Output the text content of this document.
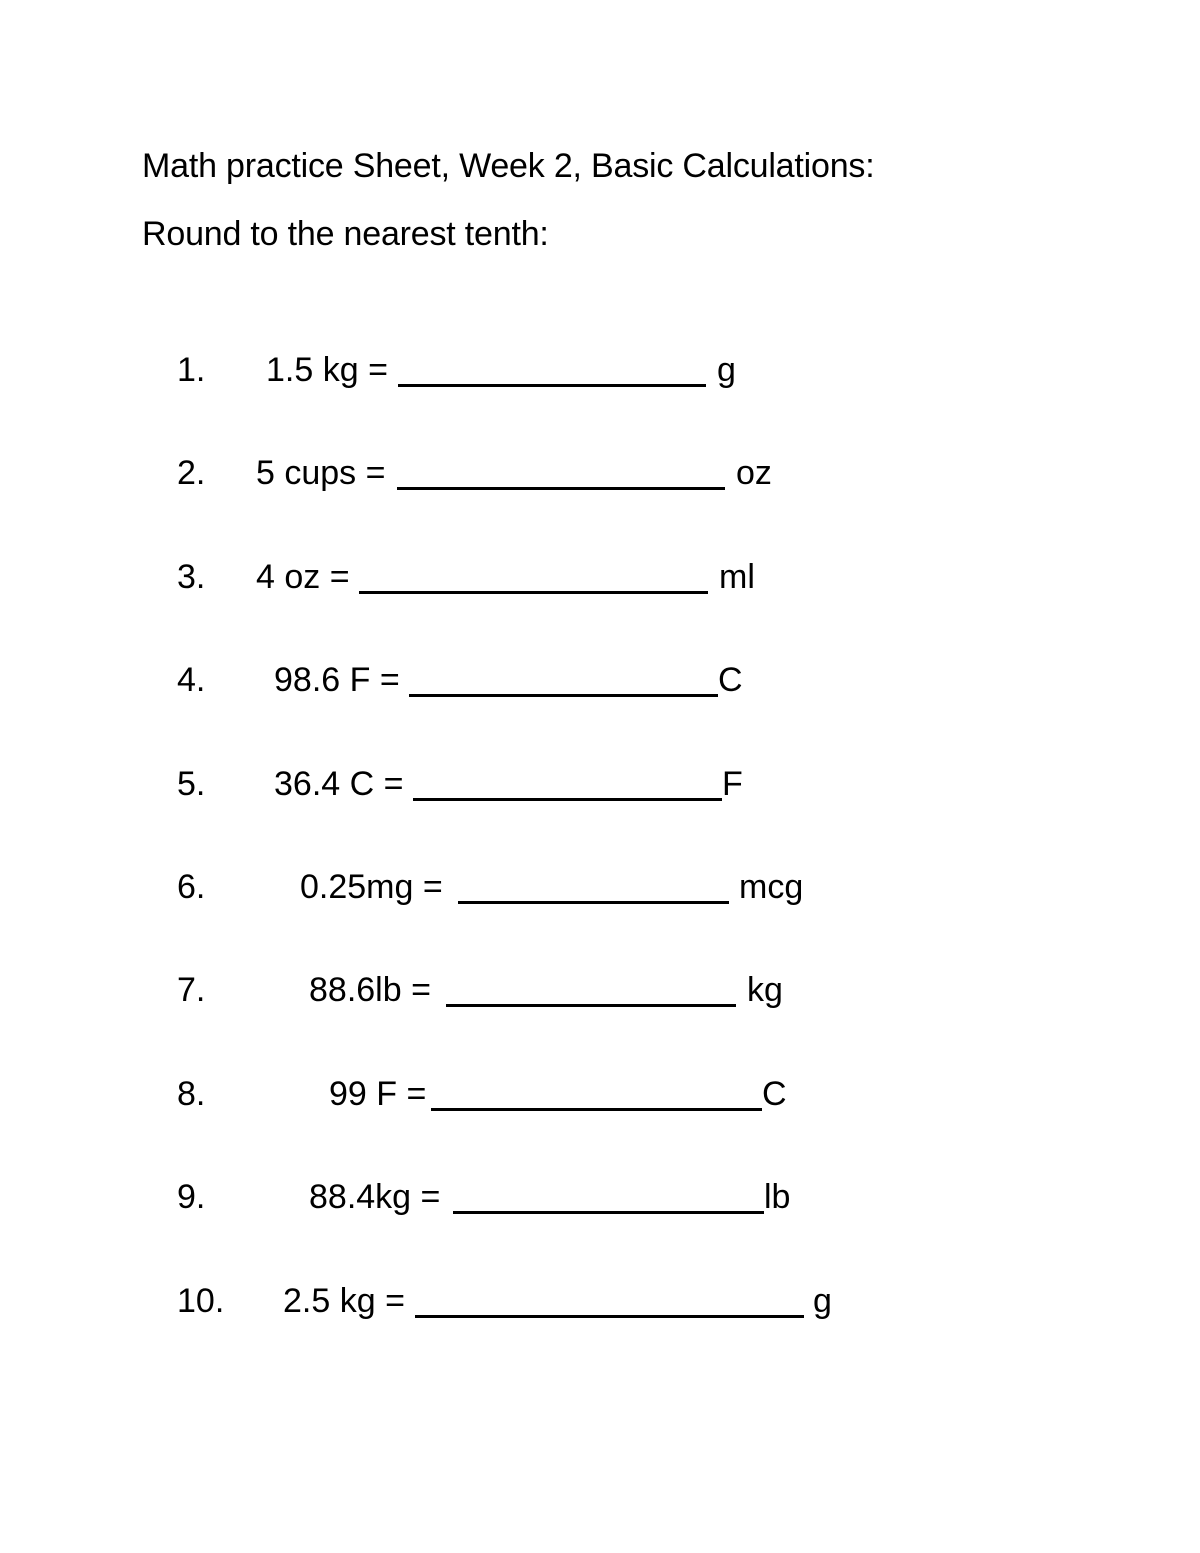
Math practice Sheet, Week 2, Basic Calculations:
Round to the nearest tenth:
1. 1.5 kg =	g
2. 5 cups =	oz
3. 4 oz =	ml
4. 98.6 F =	C
5. 36.4 C =	F
6.	0.25mg =	mcg
7.	88.6lb =	kg
8.	99 F =	C
9.	88.4kg =	lb
10. 2.5 kg =	g
